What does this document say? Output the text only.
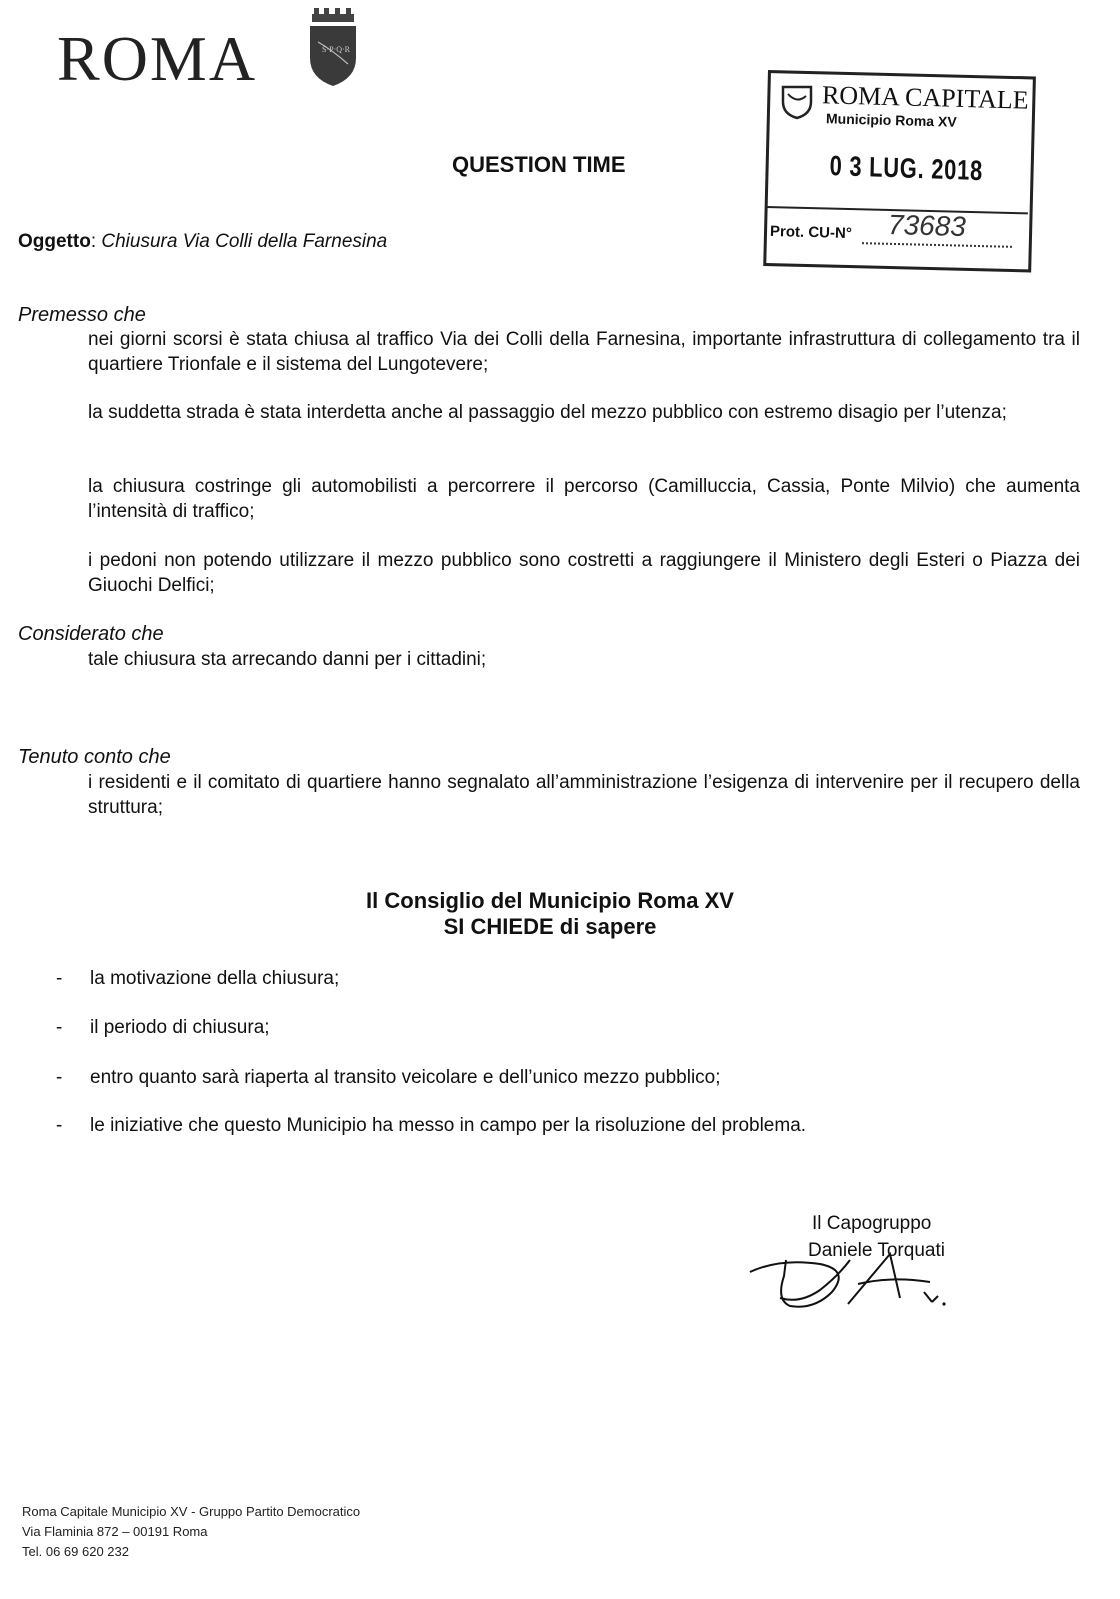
ROMA	S·P·Q·R
QUESTION TIME
ROMA CAPITALE
Municipio Roma XV
0 3 LUG. 2018
Prot. CU-N° 73683
Oggetto: Chiusura Via Colli della Farnesina
Premesso che
nei giorni scorsi è stata chiusa al traffico Via dei Colli della Farnesina, importante infrastruttura di collegamento tra il quartiere Trionfale e il sistema del Lungotevere;
la suddetta strada è stata interdetta anche al passaggio del mezzo pubblico con estremo disagio per l’utenza;
la chiusura costringe gli automobilisti a percorrere il percorso (Camilluccia, Cassia, Ponte Milvio) che aumenta l’intensità di traffico;
i pedoni non potendo utilizzare il mezzo pubblico sono costretti a raggiungere il Ministero degli Esteri o Piazza dei Giuochi Delfici;
Considerato che
tale chiusura sta arrecando danni per i cittadini;
Tenuto conto che
i residenti e il comitato di quartiere hanno segnalato all’amministrazione l’esigenza di intervenire per il recupero della struttura;
Il Consiglio del Municipio Roma XV
SI CHIEDE di sapere
- la motivazione della chiusura;
- il periodo di chiusura;
- entro quanto sarà riaperta al transito veicolare e dell’unico mezzo pubblico;
- le iniziative che questo Municipio ha messo in campo per la risoluzione del problema.
Il Capogruppo
Daniele Torquati
Roma Capitale Municipio XV - Gruppo Partito Democratico
Via Flaminia 872 – 00191 Roma
Tel. 06 69 620 232
